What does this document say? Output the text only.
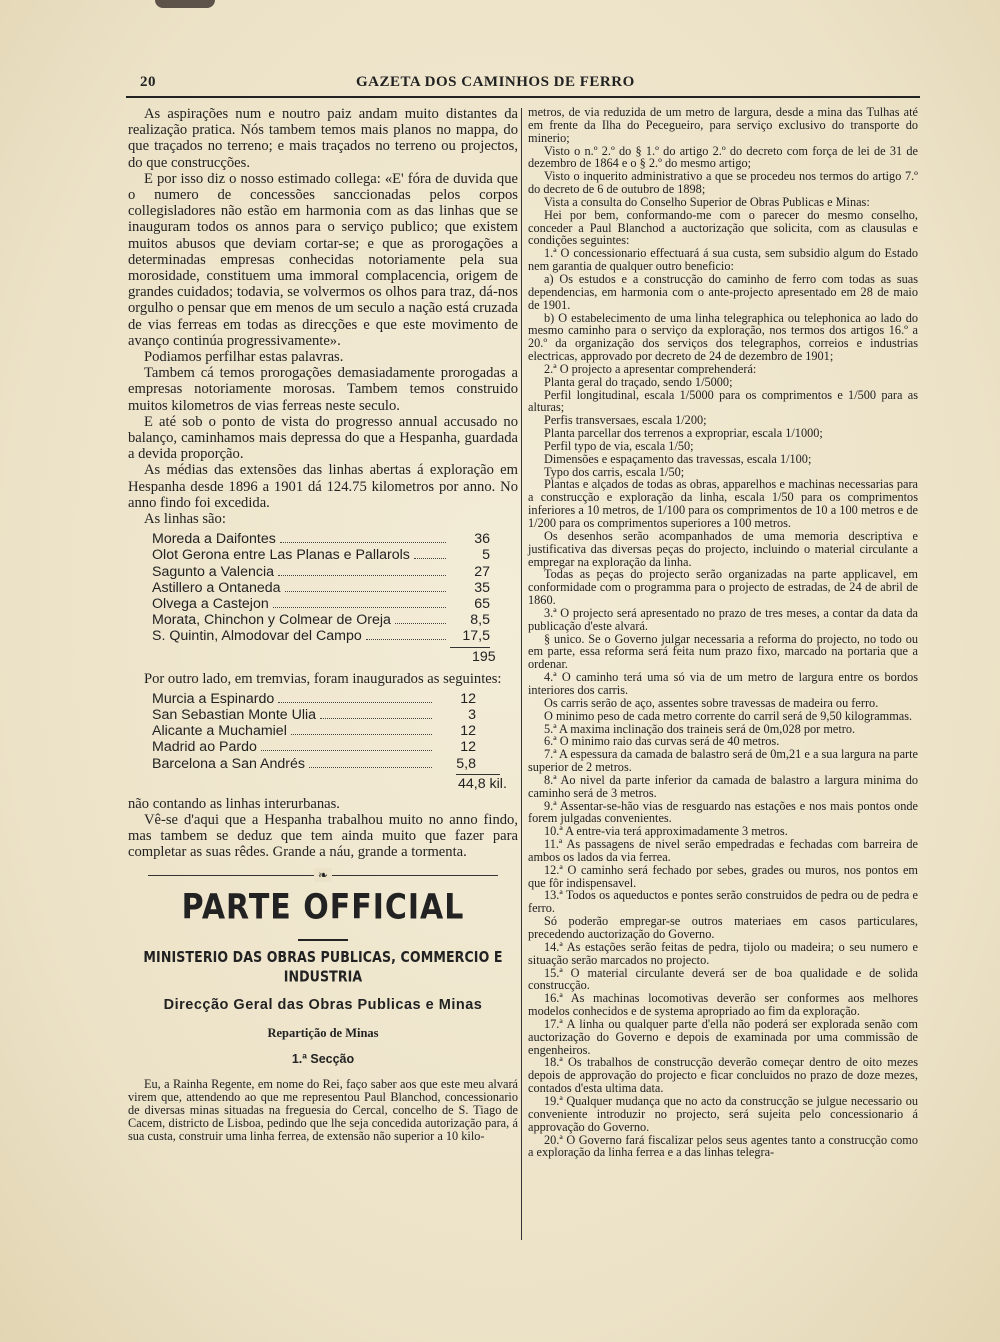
20	GAZETA DOS CAMINHOS DE FERRO

As aspirações num e noutro paiz andam muito distantes da realização pratica. Nós tambem temos mais planos no mappa, do que traçados no terreno; e mais traçados no terreno ou projectos, do que construcções.

E por isso diz o nosso estimado collega: «E' fóra de duvida que o numero de concessões sanccionadas pelos corpos collegisladores não estão em harmonia com as das linhas que se inauguram todos os annos para o serviço publico; que existem muitos abusos que deviam cortar-se; e que as prorogações a determinadas empresas conhecidas notoriamente pela sua morosidade, constituem uma immoral complacencia, origem de grandes cuidados; todavia, se volvermos os olhos para traz, dá-nos orgulho o pensar que em menos de um seculo a nação está cruzada de vias ferreas em todas as direcções e que este movimento de avanço continúa progressivamente».

Podiamos perfilhar estas palavras.

Tambem cá temos prorogações demasiadamente prorogadas a empresas notoriamente morosas. Tambem temos construido muitos kilometros de vias ferreas neste seculo.

E até sob o ponto de vista do progresso annual accusado no balanço, caminhamos mais depressa do que a Hespanha, guardada a devida proporção.

As médias das extensões das linhas abertas á exploração em Hespanha desde 1896 a 1901 dá 124.75 kilometros por anno. No anno findo foi excedida.

As linhas são:

Moreda a Daifontes	36
Olot Gerona entre Las Planas e Pallarols	5
Sagunto a Valencia	27
Astillero a Ontaneda	35
Olvega a Castejon	65
Morata, Chinchon y Colmear de Oreja	8,5
S. Quintin, Almodovar del Campo	17,5
195

Por outro lado, em tremvias, foram inaugurados as seguintes:

Murcia a Espinardo	12
San Sebastian Monte Ulia	3
Alicante a Muchamiel	12
Madrid ao Pardo	12
Barcelona a San Andrés	5,8
44,8 kil.

não contando as linhas interurbanas.

Vê-se d'aqui que a Hespanha trabalhou muito no anno findo, mas tambem se deduz que tem ainda muito que fazer para completar as suas rêdes. Grande a náu, grande a tormenta.

❧
PARTE OFFICIAL
MINISTERIO DAS OBRAS PUBLICAS, COMMERCIO E INDUSTRIA
Direcção Geral das Obras Publicas e Minas
Repartição de Minas
1.ª Secção

Eu, a Rainha Regente, em nome do Rei, faço saber aos que este meu alvará virem que, attendendo ao que me representou Paul Blanchod, concessionario de diversas minas situadas na freguesia do Cercal, concelho de S. Tiago de Cacem, districto de Lisboa, pedindo que lhe seja concedida autorização para, á sua custa, construir uma linha ferrea, de extensão não superior a 10 kilo-

metros, de via reduzida de um metro de largura, desde a mina das Tulhas até em frente da Ilha do Pecegueiro, para serviço exclusivo do transporte do minerio;

Visto o n.º 2.º do § 1.º do artigo 2.º do decreto com força de lei de 31 de dezembro de 1864 e o § 2.º do mesmo artigo;

Visto o inquerito administrativo a que se procedeu nos termos do artigo 7.º do decreto de 6 de outubro de 1898;

Vista a consulta do Conselho Superior de Obras Publicas e Minas:

Hei por bem, conformando-me com o parecer do mesmo conselho, conceder a Paul Blanchod a auctorização que solicita, com as clausulas e condições seguintes:

1.ª O concessionario effectuará á sua custa, sem subsidio algum do Estado nem garantia de qualquer outro beneficio:

a) Os estudos e a construcção do caminho de ferro com todas as suas dependencias, em harmonia com o ante-projecto apresentado em 28 de maio de 1901.

b) O estabelecimento de uma linha telegraphica ou telephonica ao lado do mesmo caminho para o serviço da exploração, nos termos dos artigos 16.º a 20.º da organização dos serviços dos telegraphos, correios e industrias electricas, approvado por decreto de 24 de dezembro de 1901;

2.ª O projecto a apresentar comprehenderá:

Planta geral do traçado, sendo 1/5000;

Perfil longitudinal, escala 1/5000 para os comprimentos e 1/500 para as alturas;

Perfis transversaes, escala 1/200;

Planta parcellar dos terrenos a expropriar, escala 1/1000;

Perfil typo de via, escala 1/50;

Dimensões e espaçamento das travessas, escala 1/100;

Typo dos carris, escala 1/50;

Plantas e alçados de todas as obras, apparelhos e machinas necessarias para a construcção e exploração da linha, escala 1/50 para os comprimentos inferiores a 10 metros, de 1/100 para os comprimentos de 10 a 100 metros e de 1/200 para os comprimentos superiores a 100 metros.

Os desenhos serão acompanhados de uma memoria descriptiva e justificativa das diversas peças do projecto, incluindo o material circulante a empregar na exploração da linha.

Todas as peças do projecto serão organizadas na parte applicavel, em conformidade com o programma para o projecto de estradas, de 24 de abril de 1860.

3.ª O projecto será apresentado no prazo de tres meses, a contar da data da publicação d'este alvará.

§ unico. Se o Governo julgar necessaria a reforma do projecto, no todo ou em parte, essa reforma será feita num prazo fixo, marcado na portaria que a ordenar.

4.ª O caminho terá uma só via de um metro de largura entre os bordos interiores dos carris.

Os carris serão de aço, assentes sobre travessas de madeira ou ferro.

O minimo peso de cada metro corrente do carril será de 9,50 kilogrammas.

5.ª A maxima inclinação dos traineis será de 0m,028 por metro.

6.ª O minimo raio das curvas será de 40 metros.

7.ª A espessura da camada de balastro será de 0m,21 e a sua largura na parte superior de 2 metros.

8.ª Ao nivel da parte inferior da camada de balastro a largura minima do caminho será de 3 metros.

9.ª Assentar-se-hão vias de resguardo nas estações e nos mais pontos onde forem julgadas convenientes.

10.ª A entre-via terá approximadamente 3 metros.

11.ª As passagens de nivel serão empedradas e fechadas com barreira de ambos os lados da via ferrea.

12.ª O caminho será fechado por sebes, grades ou muros, nos pontos em que fôr indispensavel.

13.ª Todos os aqueductos e pontes serão construidos de pedra ou de pedra e ferro.

Só poderão empregar-se outros materiaes em casos particulares, precedendo auctorização do Governo.

14.ª As estações serão feitas de pedra, tijolo ou madeira; o seu numero e situação serão marcados no projecto.

15.ª O material circulante deverá ser de boa qualidade e de solida construcção.

16.ª As machinas locomotivas deverão ser conformes aos melhores modelos conhecidos e de systema apropriado ao fim da exploração.

17.ª A linha ou qualquer parte d'ella não poderá ser explorada senão com auctorização do Governo e depois de examinada por uma commissão de engenheiros.

18.ª Os trabalhos de construcção deverão começar dentro de oito mezes depois de approvação do projecto e ficar concluidos no prazo de doze mezes, contados d'esta ultima data.

19.ª Qualquer mudança que no acto da construcção se julgue necessario ou conveniente introduzir no projecto, será sujeita pelo concessionario á approvação do Governo.

20.ª O Governo fará fiscalizar pelos seus agentes tanto a construcção como a exploração da linha ferrea e a das linhas telegra-
